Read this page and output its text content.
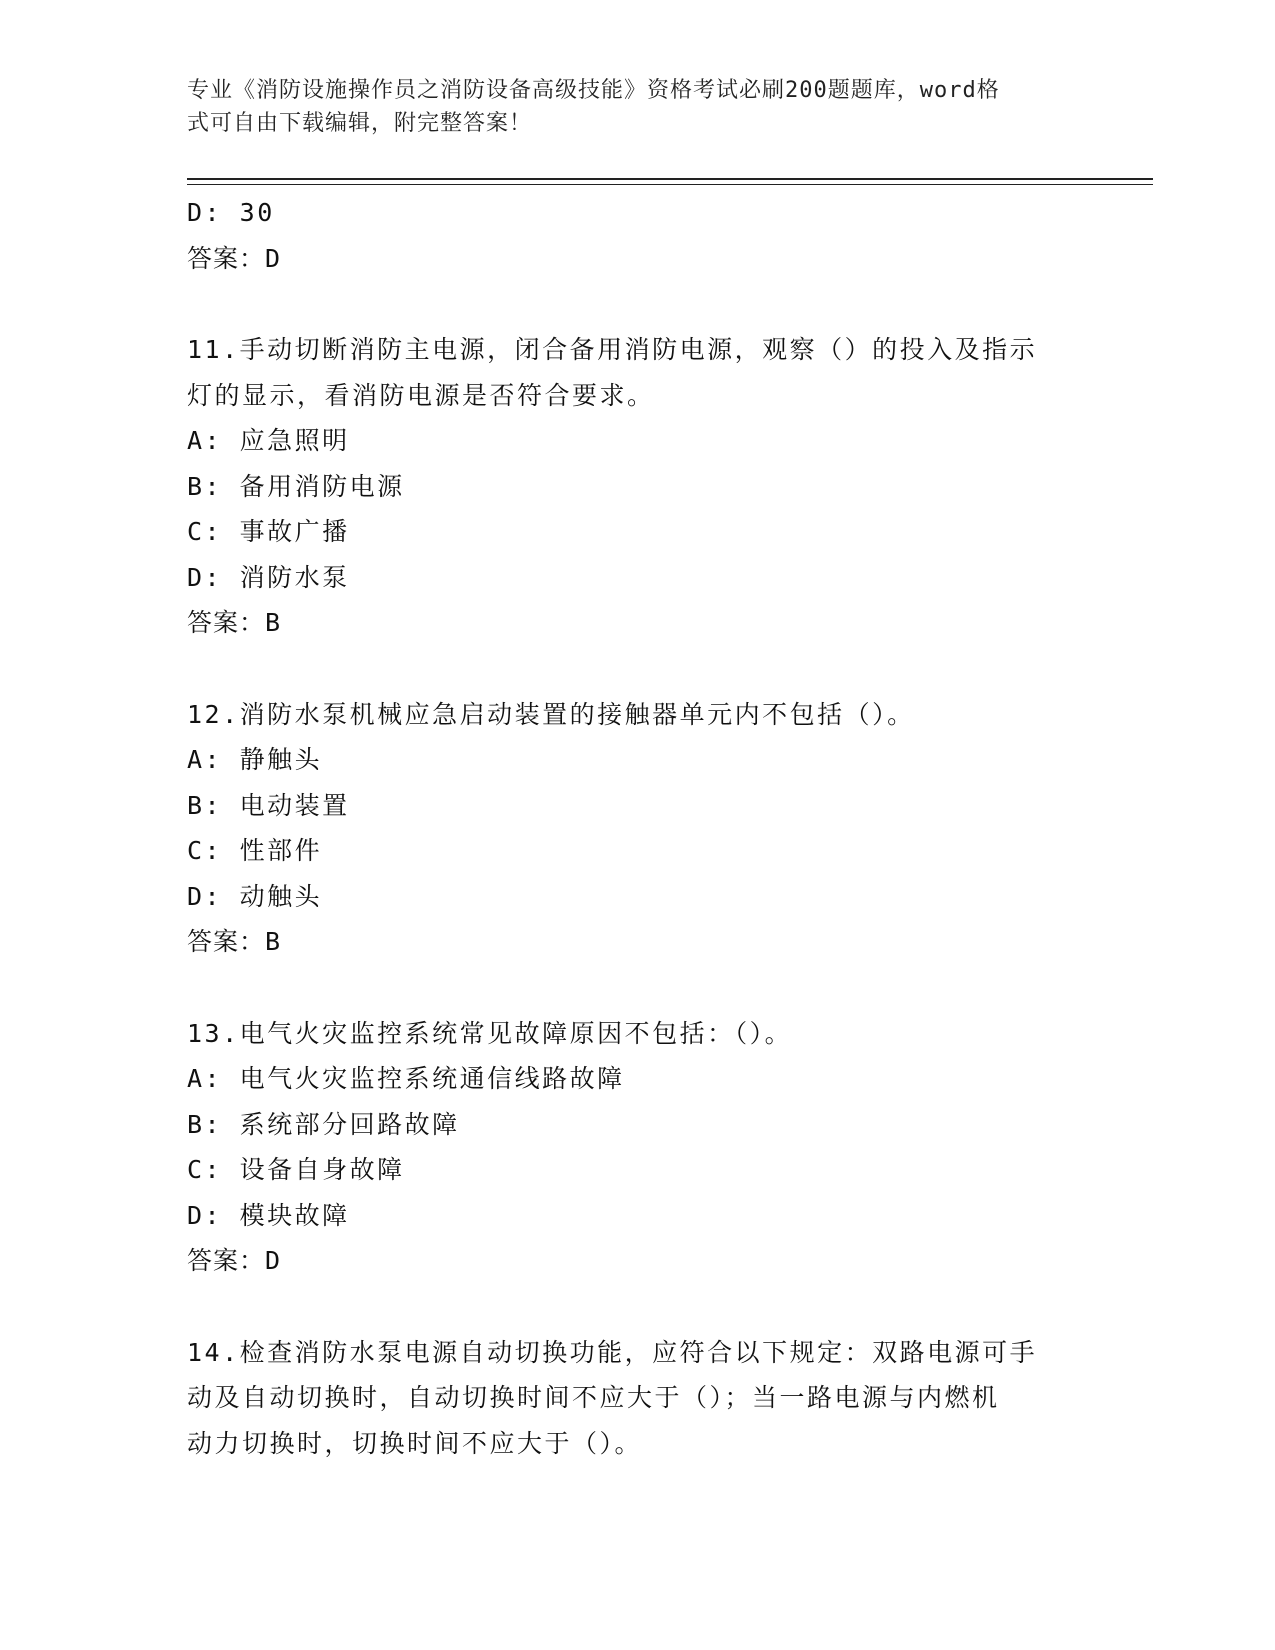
专业《消防设施操作员之消防设备高级技能》资格考试必刷200题题库，word格
式可自由下载编辑，附完整答案！
D: 30
答案：D
11.手动切断消防主电源，闭合备用消防电源，观察（）的投入及指示
灯的显示，看消防电源是否符合要求。
A: 应急照明
B: 备用消防电源
C: 事故广播
D: 消防水泵
答案：B
12.消防水泵机械应急启动装置的接触器单元内不包括（）。
A: 静触头
B: 电动装置
C: 性部件
D: 动触头
答案：B
13.电气火灾监控系统常见故障原因不包括：（）。
A: 电气火灾监控系统通信线路故障
B: 系统部分回路故障
C: 设备自身故障
D: 模块故障
答案：D
14.检查消防水泵电源自动切换功能，应符合以下规定：双路电源可手
动及自动切换时，自动切换时间不应大于（）；当一路电源与内燃机
动力切换时，切换时间不应大于（）。
